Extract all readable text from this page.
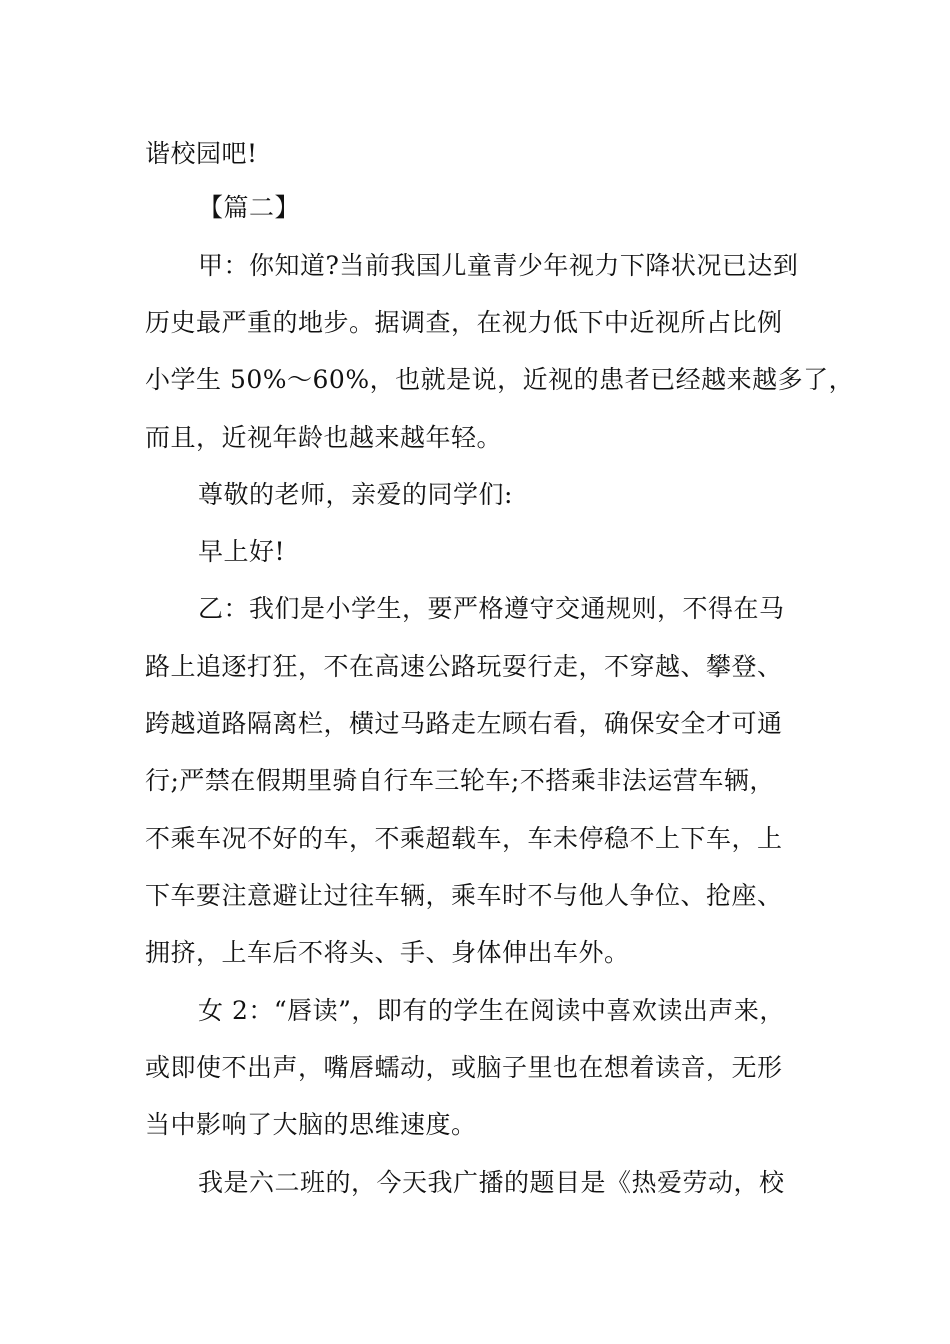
谐校园吧!
【篇二】
甲：你知道?当前我国儿童青少年视力下降状况已达到
历史最严重的地步。据调查，在视力低下中近视所占比例
小学生 50%～60%，也就是说，近视的患者已经越来越多了，
而且，近视年龄也越来越年轻。
尊敬的老师，亲爱的同学们:
早上好!
乙：我们是小学生，要严格遵守交通规则，不得在马
路上追逐打狂，不在高速公路玩耍行走，不穿越、攀登、
跨越道路隔离栏，横过马路走左顾右看，确保安全才可通
行;严禁在假期里骑自行车三轮车;不搭乘非法运营车辆，
不乘车况不好的车，不乘超载车，车未停稳不上下车，上
下车要注意避让过往车辆，乘车时不与他人争位、抢座、
拥挤，上车后不将头、手、身体伸出车外。
女 2：“唇读”，即有的学生在阅读中喜欢读出声来，
或即使不出声，嘴唇蠕动，或脑子里也在想着读音，无形
当中影响了大脑的思维速度。
我是六二班的，今天我广播的题目是《热爱劳动，校
